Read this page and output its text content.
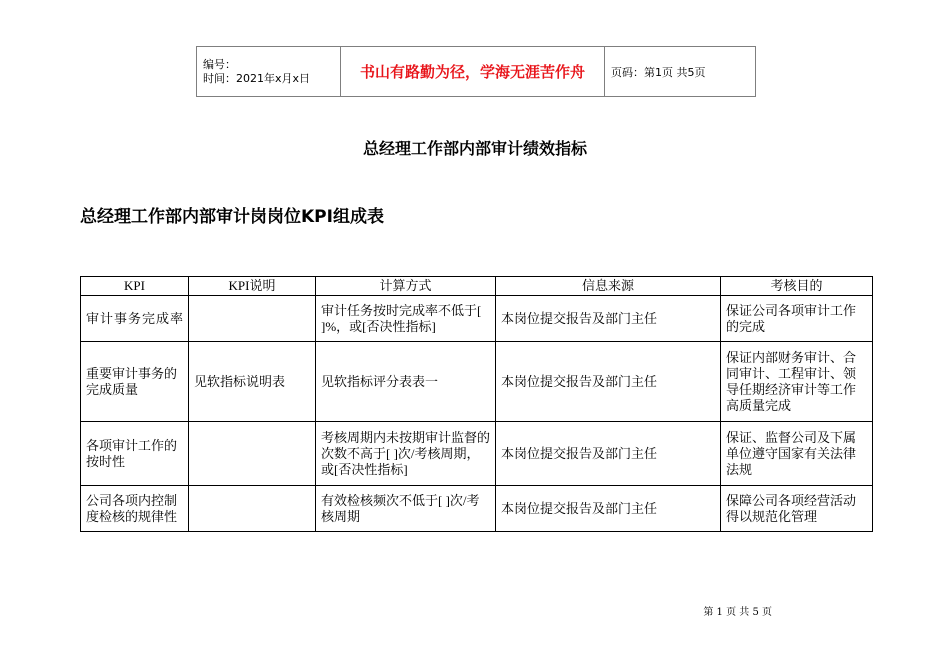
编号：
时间：2021年x月x日	书山有路勤为径，学海无涯苦作舟	页码：第1页 共5页
总经理工作部内部审计绩效指标
总经理工作部内部审计岗岗位KPI组成表
KPI	KPI说明	计算方式	信息来源	考核目的
审计事务完成率		审计任务按时完成率不低于[ ]%，或[否决性指标]	本岗位提交报告及部门主任	保证公司各项审计工作的完成
重要审计事务的完成质量	见软指标说明表	见软指标评分表表一	本岗位提交报告及部门主任	保证内部财务审计、合同审计、工程审计、领导任期经济审计等工作高质量完成
各项审计工作的按时性		考核周期内未按期审计监督的次数不高于[ ]次/考核周期，或[否决性指标]	本岗位提交报告及部门主任	保证、监督公司及下属单位遵守国家有关法律法规
公司各项内控制度检核的规律性		有效检核频次不低于[ ]次/考核周期	本岗位提交报告及部门主任	保障公司各项经营活动得以规范化管理
第 1 页 共 5 页
